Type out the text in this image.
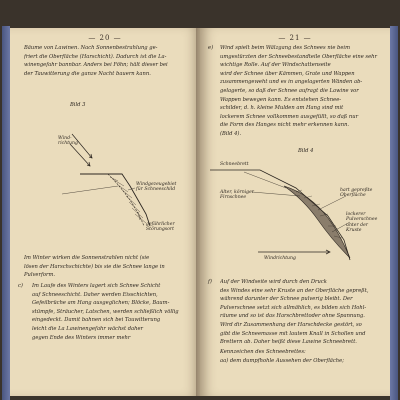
— 20 —
Bäume von Lawinen. Nach Sonnenbestrahlung ge-
friert die Oberfläche (Harschicht). Dadurch ist die La-
winengefahr bannbar. Anders bei Föhn; hält dieser bei
der Tauwitterung die ganze Nacht bauern kann.
Bild 3
Wind-
richtung
Windgezeugebiet
für Schneeschild
gefährlicher
Störungsort
Im Winter wirken die Sonnenstrahlen nicht (sie
lösen der Harschschichte) bis sie die Schnee lange in
Pulverform.
c) Im Laufe des Winters lagert sich Schnee Schicht
auf Schneeschicht. Daher werden Eisschichten,
Gefeilbrüche am Hang ausgeglichen; Blöcke, Baum-
stümpfe, Sträucher, Latschen, werden schließlich völlig
eingedeckt. Damit bahnen sich bei Tauwitterung
leicht die La Lawinengefahr wächst daher
gegen Ende des Winters immer mehr
— 21 —
e) Wind spielt beim Wälzgang des Schnees nie beim
umgestürzten der Schneebestandteile Oberfläche eine sehr
wichtige Rolle. Auf der Windschattenseite
wird der Schnee über Kämmen, Grate und Wappen
zusammengeweht und es in angelagerten Wänden ab-
gelagerte, so daß der Schnee aufragt die Lawine vor
Wappen bewegen kann. Es entstehen Schnee-
schilder, d. h. kleine Mulden am Hang sind mit
lockerem Schnee vollkommen ausgefüllt, so daß nur
die Form des Hanges nicht mehr erkennen kann.
(Bild 4).
Bild 4
Schneebrett
Alter, körniger
Firnschnee
hart gepreßte
Oberfläche
lockerer
Pulverschnee
unter der
Kruste
Windrichtung
f) Auf der Windseite wird durch den Druck
des Windes eine sehr Kruste an der Oberfläche gepreßt,
während darunter der Schnee pulverig bleibt. Der
Pulverschnee setzt sich allmählich, es bilden sich Hohl-
räume und so ist das Harschbrettoder ohne Spannung.
Wird dir Zusammenhang der Harschdecke gestört, so
gibt die Schneemasse mit lautem Knall in Schollen und
Brettern ab. Daher heißt diese Lawine Schneebrett.
Kennzeichen des Schneebrettes:
aa) dem dumpfhohle Aussehen der Oberfläche;
